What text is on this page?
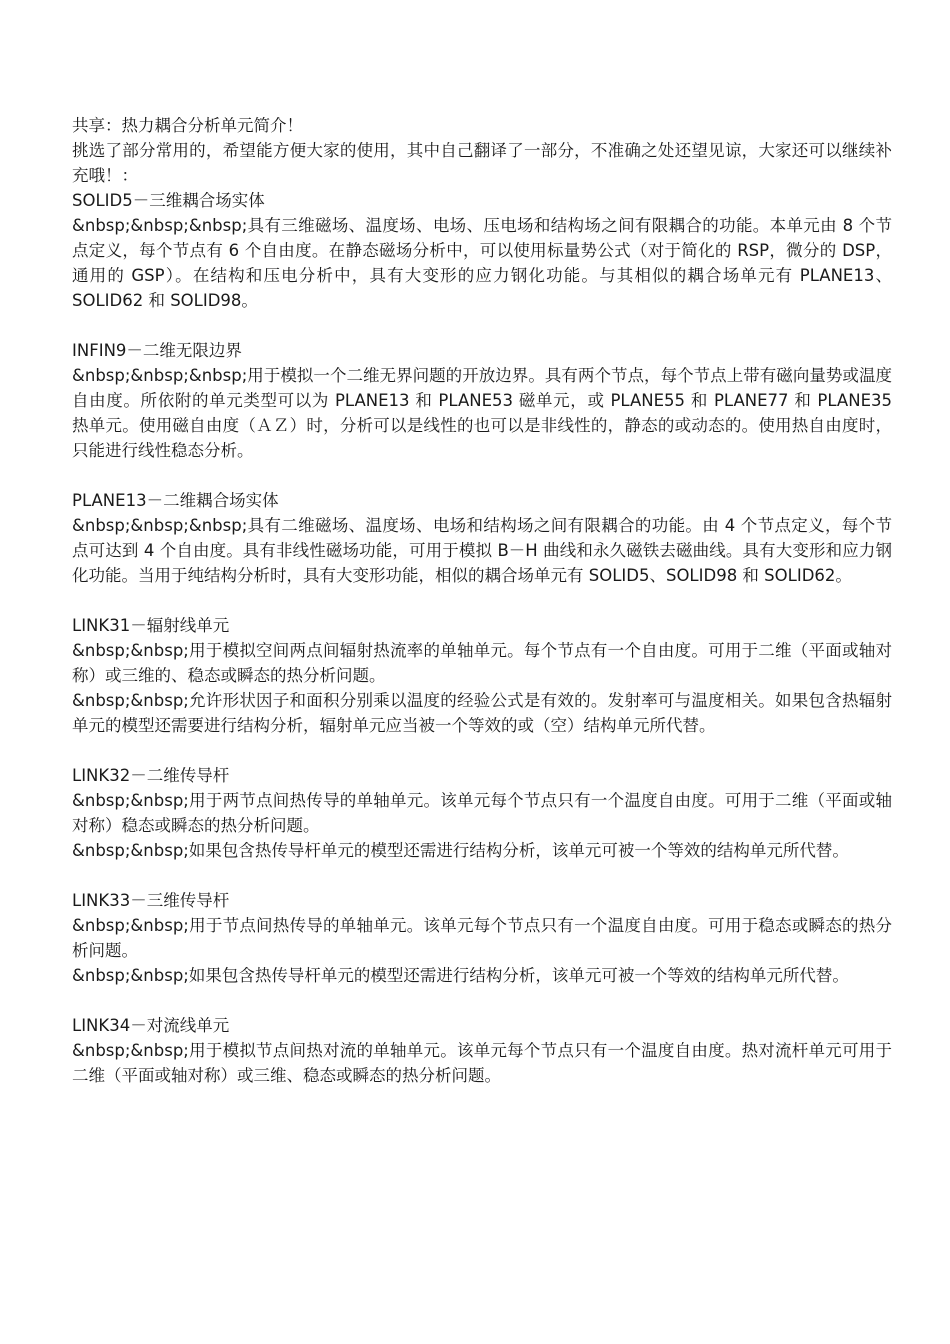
共享：热力耦合分析单元简介！

挑选了部分常用的，希望能方便大家的使用，其中自己翻译了一部分，不准确之处还望见谅，大家还可以继续补充哦！：

SOLID5－三维耦合场实体

&nbsp;&nbsp;&nbsp;具有三维磁场、温度场、电场、压电场和结构场之间有限耦合的功能。本单元由 8 个节点定义，每个节点有 6 个自由度。在静态磁场分析中，可以使用标量势公式（对于简化的 RSP，微分的 DSP，通用的 GSP）。在结构和压电分析中，具有大变形的应力钢化功能。与其相似的耦合场单元有 PLANE13、SOLID62 和 SOLID98。

INFIN9－二维无限边界

&nbsp;&nbsp;&nbsp;用于模拟一个二维无界问题的开放边界。具有两个节点，每个节点上带有磁向量势或温度自由度。所依附的单元类型可以为 PLANE13 和 PLANE53 磁单元，或 PLANE55 和 PLANE77 和 PLANE35 热单元。使用磁自由度（ＡＺ）时，分析可以是线性的也可以是非线性的，静态的或动态的。使用热自由度时，只能进行线性稳态分析。

PLANE13－二维耦合场实体

&nbsp;&nbsp;&nbsp;具有二维磁场、温度场、电场和结构场之间有限耦合的功能。由 4 个节点定义，每个节点可达到 4 个自由度。具有非线性磁场功能，可用于模拟 B－H 曲线和永久磁铁去磁曲线。具有大变形和应力钢化功能。当用于纯结构分析时，具有大变形功能，相似的耦合场单元有 SOLID5、SOLID98 和 SOLID62。

LINK31－辐射线单元

&nbsp;&nbsp;用于模拟空间两点间辐射热流率的单轴单元。每个节点有一个自由度。可用于二维（平面或轴对称）或三维的、稳态或瞬态的热分析问题。

&nbsp;&nbsp;允许形状因子和面积分别乘以温度的经验公式是有效的。发射率可与温度相关。如果包含热辐射单元的模型还需要进行结构分析，辐射单元应当被一个等效的或（空）结构单元所代替。

LINK32－二维传导杆

&nbsp;&nbsp;用于两节点间热传导的单轴单元。该单元每个节点只有一个温度自由度。可用于二维（平面或轴对称）稳态或瞬态的热分析问题。

&nbsp;&nbsp;如果包含热传导杆单元的模型还需进行结构分析，该单元可被一个等效的结构单元所代替。

LINK33－三维传导杆

&nbsp;&nbsp;用于节点间热传导的单轴单元。该单元每个节点只有一个温度自由度。可用于稳态或瞬态的热分析问题。

&nbsp;&nbsp;如果包含热传导杆单元的模型还需进行结构分析，该单元可被一个等效的结构单元所代替。

LINK34－对流线单元

&nbsp;&nbsp;用于模拟节点间热对流的单轴单元。该单元每个节点只有一个温度自由度。热对流杆单元可用于二维（平面或轴对称）或三维、稳态或瞬态的热分析问题。
